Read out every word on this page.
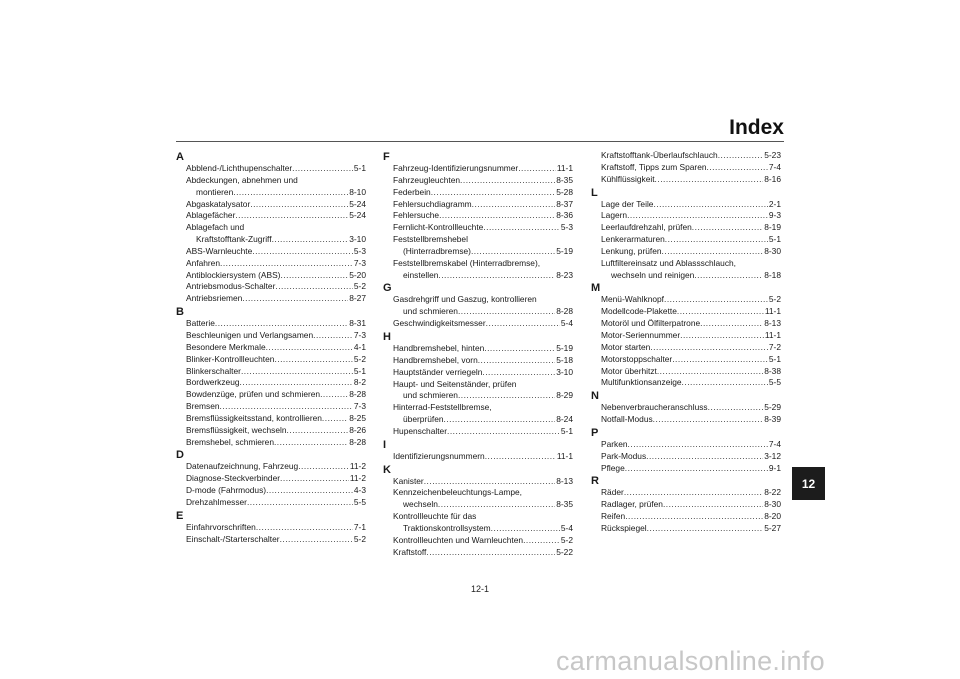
Index
A
Abblend-/Lichthupenschalter .....	5-1
Abdeckungen, abnehmen und
montieren .....	8-10
Abgaskatalysator .....	5-24
Ablagefächer .....	5-24
Ablagefach und
Kraftstofftank-Zugriff .....	3-10
ABS-Warnleuchte .....	5-3
Anfahren .....	7-3
Antiblockiersystem (ABS) .....	5-20
Antriebsmodus-Schalter .....	5-2
Antriebsriemen .....	8-27
B
Batterie .....	8-31
Beschleunigen und Verlangsamen .....	7-3
Besondere Merkmale .....	4-1
Blinker-Kontrollleuchten .....	5-2
Blinkerschalter .....	5-1
Bordwerkzeug .....	8-2
Bowdenzüge, prüfen und schmieren .....	8-28
Bremsen .....	7-3
Bremsflüssigkeitsstand, kontrollieren .....	8-25
Bremsflüssigkeit, wechseln .....	8-26
Bremshebel, schmieren .....	8-28
D
Datenaufzeichnung, Fahrzeug .....	11-2
Diagnose-Steckverbinder .....	11-2
D-mode (Fahrmodus) .....	4-3
Drehzahlmesser .....	5-5
E
Einfahrvorschriften .....	7-1
Einschalt-/Starterschalter .....	5-2
F
Fahrzeug-Identifizierungsnummer .....	11-1
Fahrzeugleuchten .....	8-35
Federbein .....	5-28
Fehlersuchdiagramm .....	8-37
Fehlersuche .....	8-36
Fernlicht-Kontrollleuchte .....	5-3
Feststellbremshebel
(Hinterradbremse) .....	5-19
Feststellbremskabel (Hinterradbremse),
einstellen .....	8-23
G
Gasdrehgriff und Gaszug, kontrollieren
und schmieren .....	8-28
Geschwindigkeitsmesser .....	5-4
H
Handbremshebel, hinten .....	5-19
Handbremshebel, vorn .....	5-18
Hauptständer verriegeln .....	3-10
Haupt- und Seitenständer, prüfen
und schmieren .....	8-29
Hinterrad-Feststellbremse,
überprüfen .....	8-24
Hupenschalter .....	5-1
I
Identifizierungsnummern .....	11-1
K
Kanister .....	8-13
Kennzeichenbeleuchtungs-Lampe,
wechseln .....	8-35
Kontrollleuchte für das
Traktionskontrollsystem .....	5-4
Kontrollleuchten und Warnleuchten .....	5-2
Kraftstoff .....	5-22
Kraftstofftank-Überlaufschlauch .....	5-23
Kraftstoff, Tipps zum Sparen .....	7-4
Kühlflüssigkeit .....	8-16
L
Lage der Teile .....	2-1
Lagern .....	9-3
Leerlaufdrehzahl, prüfen .....	8-19
Lenkerarmaturen .....	5-1
Lenkung, prüfen .....	8-30
Luftfiltereinsatz und Ablassschlauch,
wechseln und reinigen .....	8-18
M
Menü-Wahlknopf .....	5-2
Modellcode-Plakette .....	11-1
Motoröl und Ölfilterpatrone .....	8-13
Motor-Seriennummer .....	11-1
Motor starten .....	7-2
Motorstoppschalter .....	5-1
Motor überhitzt .....	8-38
Multifunktionsanzeige .....	5-5
N
Nebenverbraucheranschluss .....	5-29
Notfall-Modus .....	8-39
P
Parken .....	7-4
Park-Modus .....	3-12
Pflege .....	9-1
R
Räder .....	8-22
Radlager, prüfen .....	8-30
Reifen .....	8-20
Rückspiegel .....	5-27
12
12-1
carmanualsonline.info
